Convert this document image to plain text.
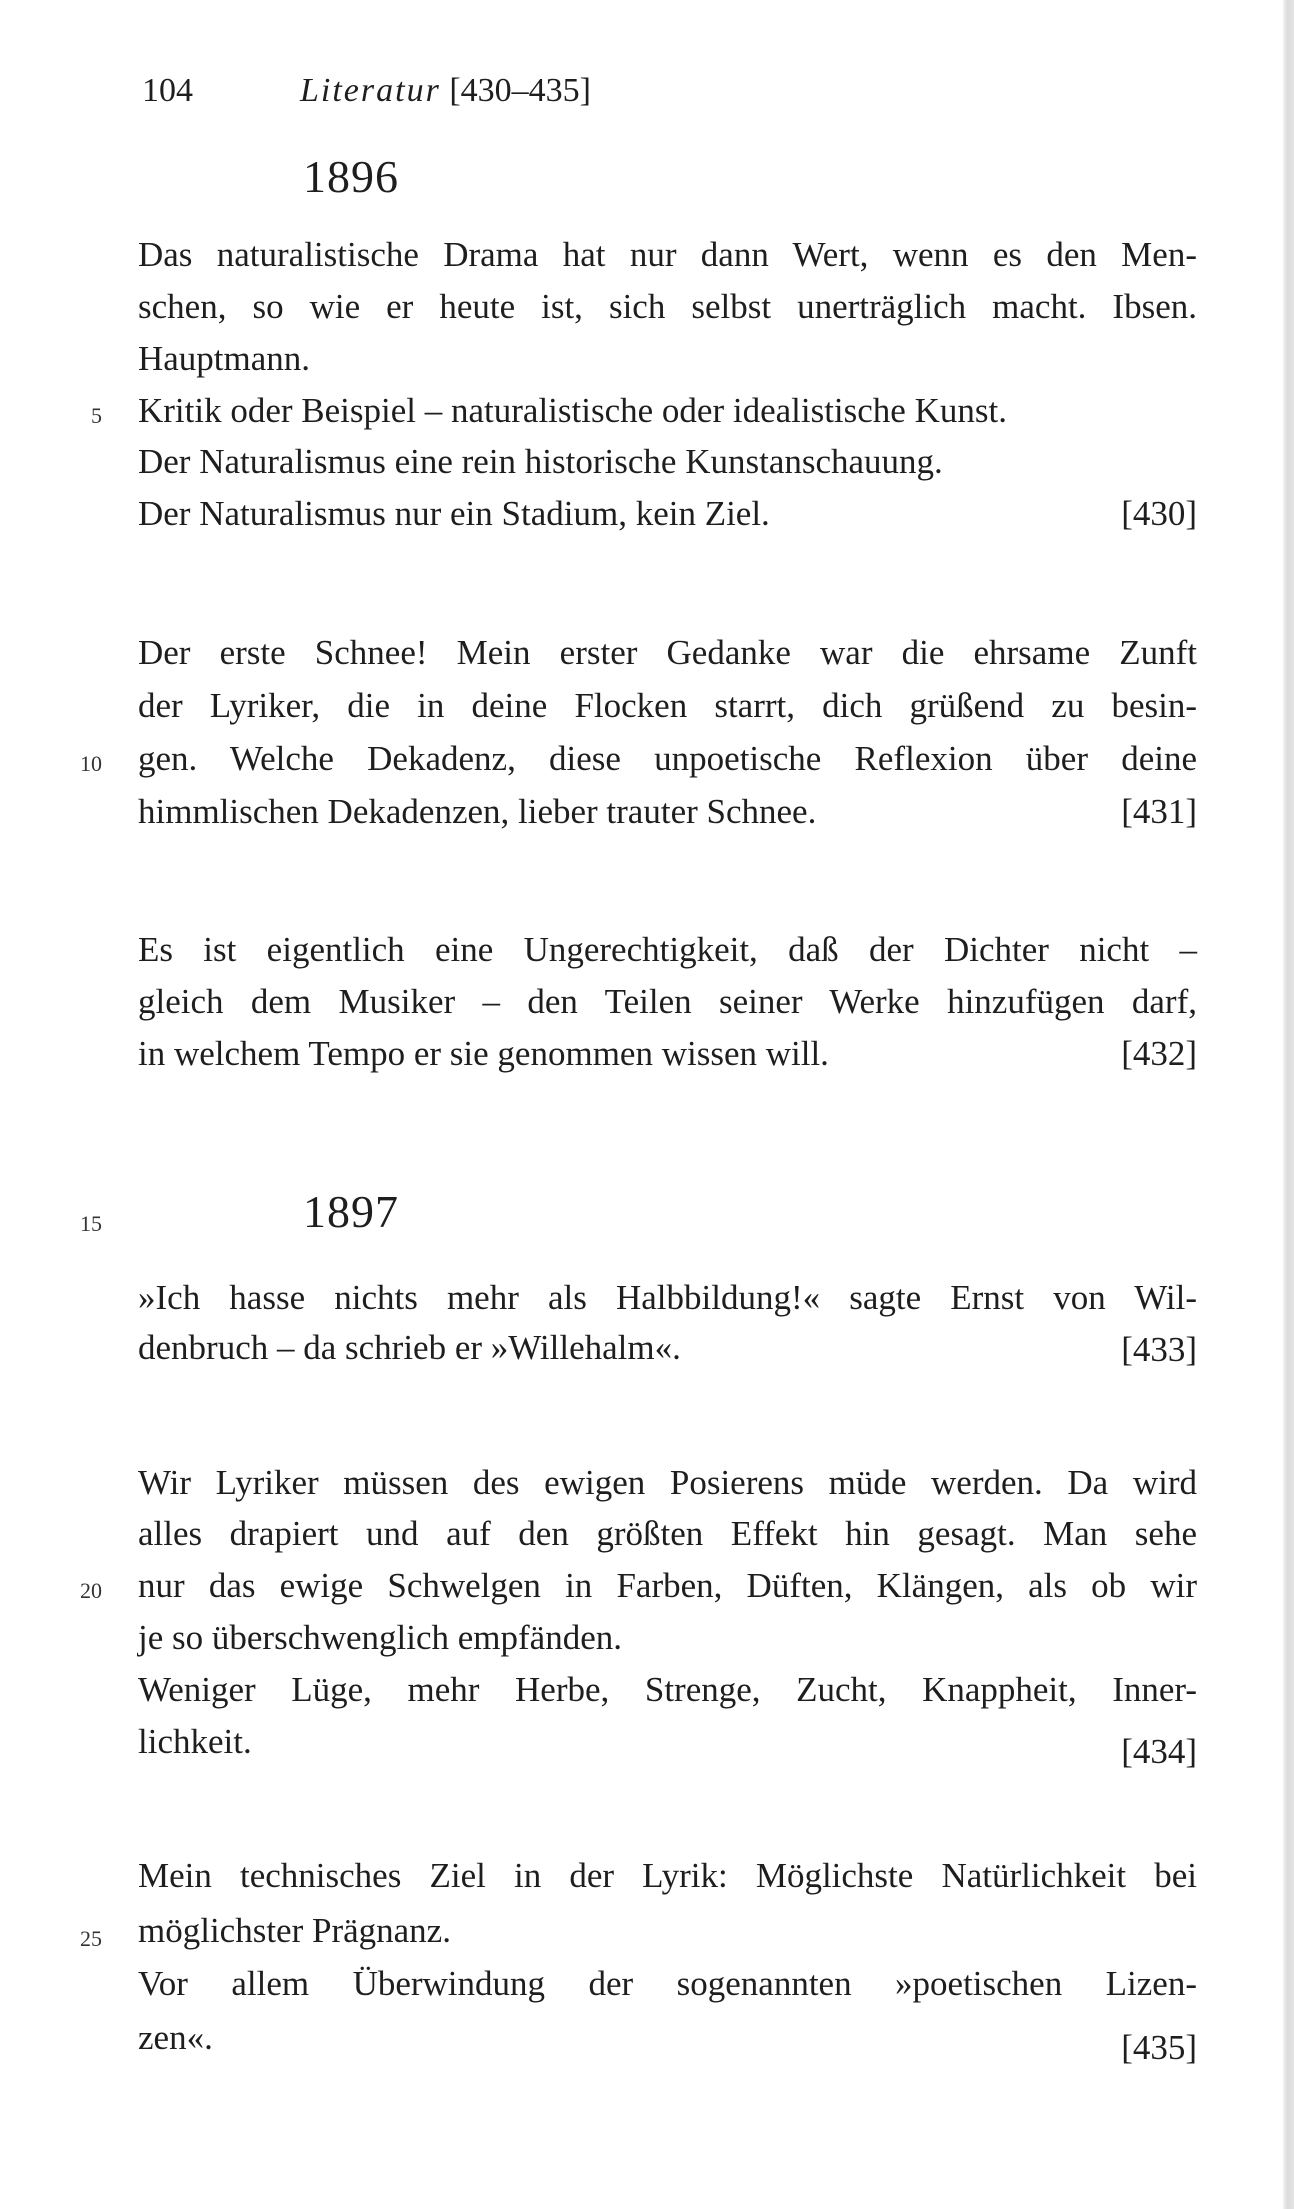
104	Literatur [430–435]
1896
Das naturalistische Drama hat nur dann Wert, wenn es den Men-
schen, so wie er heute ist, sich selbst unerträglich macht. Ibsen.
Hauptmann.
5 Kritik oder Beispiel – naturalistische oder idealistische Kunst.
Der Naturalismus eine rein historische Kunstanschauung.
Der Naturalismus nur ein Stadium, kein Ziel.	[430]
Der erste Schnee! Mein erster Gedanke war die ehrsame Zunft
der Lyriker, die in deine Flocken starrt, dich grüßend zu besin-
10 gen. Welche Dekadenz, diese unpoetische Reflexion über deine
himmlischen Dekadenzen, lieber trauter Schnee.	[431]
Es ist eigentlich eine Ungerechtigkeit, daß der Dichter nicht –
gleich dem Musiker – den Teilen seiner Werke hinzufügen darf,
in welchem Tempo er sie genommen wissen will.	[432]
15	1897
»Ich hasse nichts mehr als Halbbildung!« sagte Ernst von Wil-
denbruch – da schrieb er »Willehalm«.	[433]
Wir Lyriker müssen des ewigen Posierens müde werden. Da wird
alles drapiert und auf den größten Effekt hin gesagt. Man sehe
20 nur das ewige Schwelgen in Farben, Düften, Klängen, als ob wir
je so überschwenglich empfänden.
Weniger Lüge, mehr Herbe, Strenge, Zucht, Knappheit, Inner-
lichkeit.	[434]
Mein technisches Ziel in der Lyrik: Möglichste Natürlichkeit bei
25 möglichster Prägnanz.
Vor allem Überwindung der sogenannten »poetischen Lizen-
zen«.	[435]
